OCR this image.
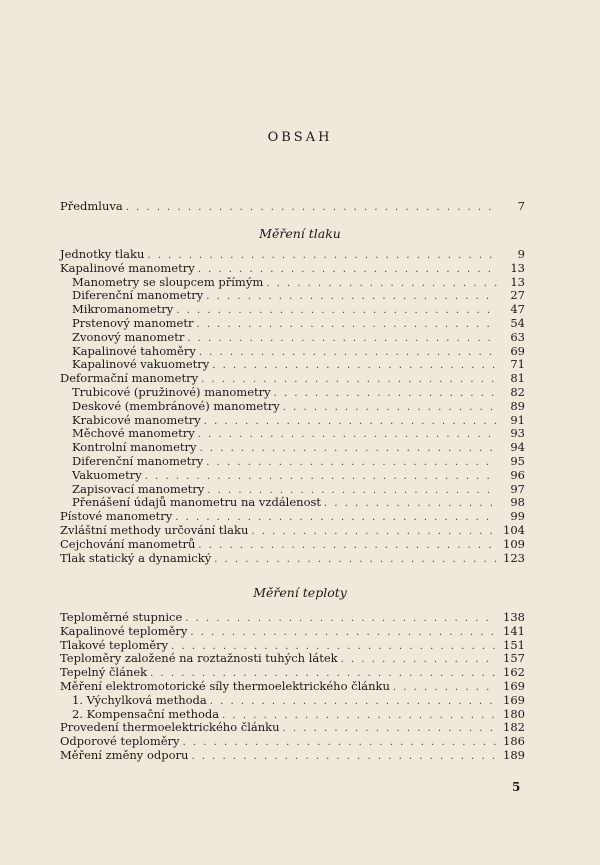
OBSAH
Předmluva . . .	7
Měření tlaku
Jednotky tlaku . . .	9
Kapalinové manometry . . .	13
Manometry se sloupcem přímým . . .	13
Diferenční manometry . . .	27
Mikromanometry . . .	47
Prstenový manometr . . .	54
Zvonový manometr . . .	63
Kapalinové tahoměry . . .	69
Kapalinové vakuometry . . .	71
Deformační manometry . . .	81
Trubicové (pružinové) manometry . . .	82
Deskové (membránové) manometry . . .	89
Krabicové manometry . . .	91
Měchové manometry . . .	93
Kontrolní manometry . . .	94
Diferenční manometry . . .	95
Vakuometry . . .	96
Zapisovací manometry . . .	97
Přenášení údajů manometru na vzdálenost . . .	98
Pístové manometry . . .	99
Zvláštní methody určování tlaku . . .	104
Cejchování manometrů . . .	109
Tlak statický a dynamický . . .	123
Měření teploty
Teploměrné stupnice . . .	138
Kapalinové teploměry . . .	141
Tlakové teploměry . . .	151
Teploměry založené na roztažnosti tuhých látek . . .	157
Tepelný článek . . .	162
Měření elektromotorické síly thermoelektrického článku . . .	169
1. Výchylková methoda . . .	169
2. Kompensační methoda . . .	180
Provedení thermoelektrického článku . . .	182
Odporové teploměry . . .	186
Měření změny odporu . . .	189
5
